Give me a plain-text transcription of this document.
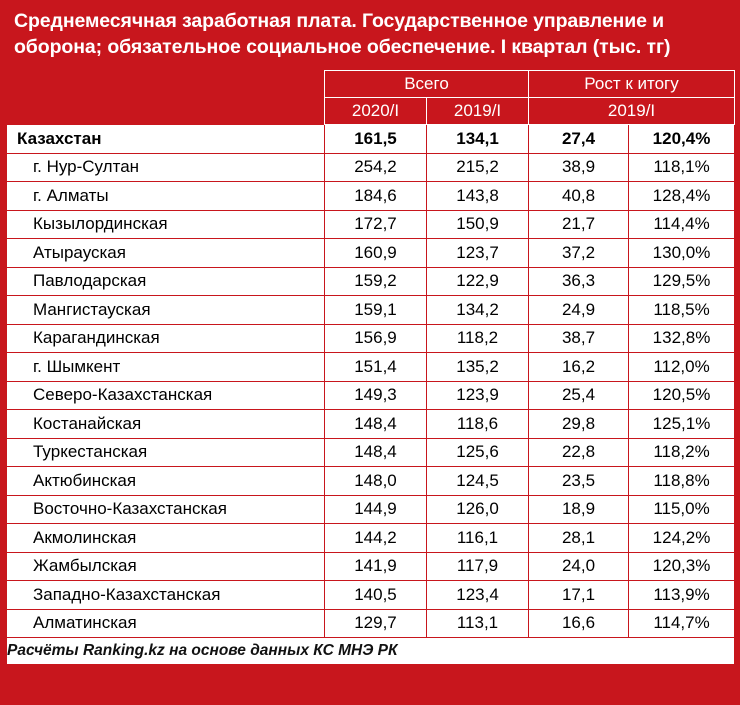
Среднемесячная заработная плата. Государственное управление и оборона; обязательное социальное обеспечение. I квартал (тыс. тг)
	Всего		Рост к итогу	
	2020/I	2019/I	2019/I	
Казахстан	161,5	134,1	27,4	120,4%
г. Нур-Султан	254,2	215,2	38,9	118,1%
г. Алматы	184,6	143,8	40,8	128,4%
Кызылординская	172,7	150,9	21,7	114,4%
Атырауская	160,9	123,7	37,2	130,0%
Павлодарская	159,2	122,9	36,3	129,5%
Мангистауская	159,1	134,2	24,9	118,5%
Карагандинская	156,9	118,2	38,7	132,8%
г. Шымкент	151,4	135,2	16,2	112,0%
Северо-Казахстанская	149,3	123,9	25,4	120,5%
Костанайская	148,4	118,6	29,8	125,1%
Туркестанская	148,4	125,6	22,8	118,2%
Актюбинская	148,0	124,5	23,5	118,8%
Восточно-Казахстанская	144,9	126,0	18,9	115,0%
Акмолинская	144,2	116,1	28,1	124,2%
Жамбылская	141,9	117,9	24,0	120,3%
Западно-Казахстанская	140,5	123,4	17,1	113,9%
Алматинская	129,7	113,1	16,6	114,7%
Расчёты Ranking.kz на основе данных КС МНЭ РК				
